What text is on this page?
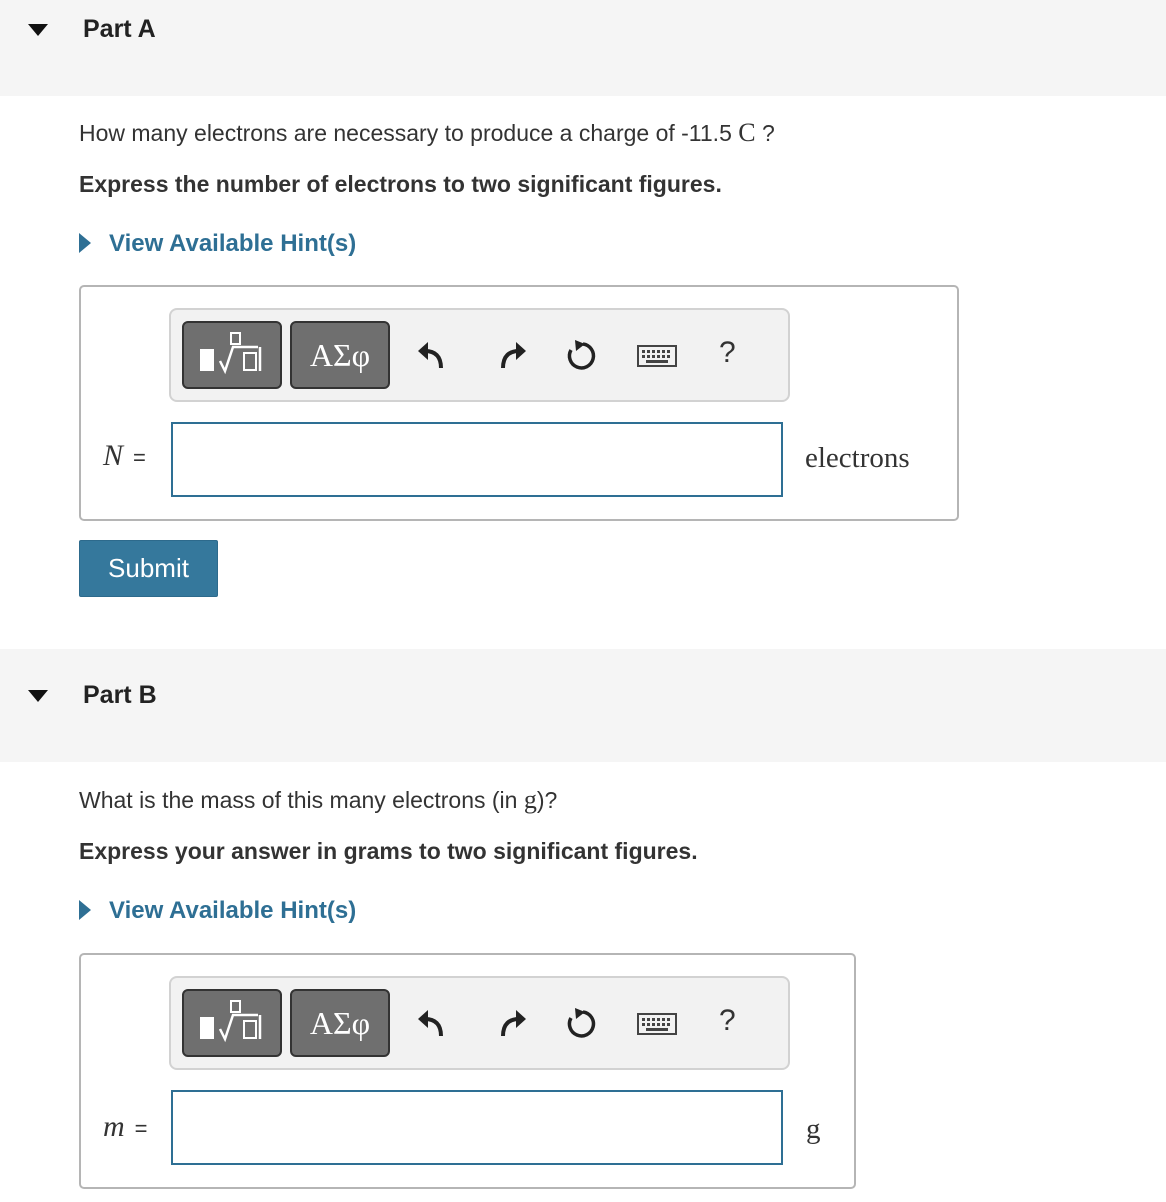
Part A
How many electrons are necessary to produce a charge of -11.5 C ?
Express the number of electrons to two significant figures.
View Available Hint(s)
ΑΣφ	?
N =	electrons
Submit
Part B
What is the mass of this many electrons (in g)?
Express your answer in grams to two significant figures.
View Available Hint(s)
ΑΣφ	?
m =	g
